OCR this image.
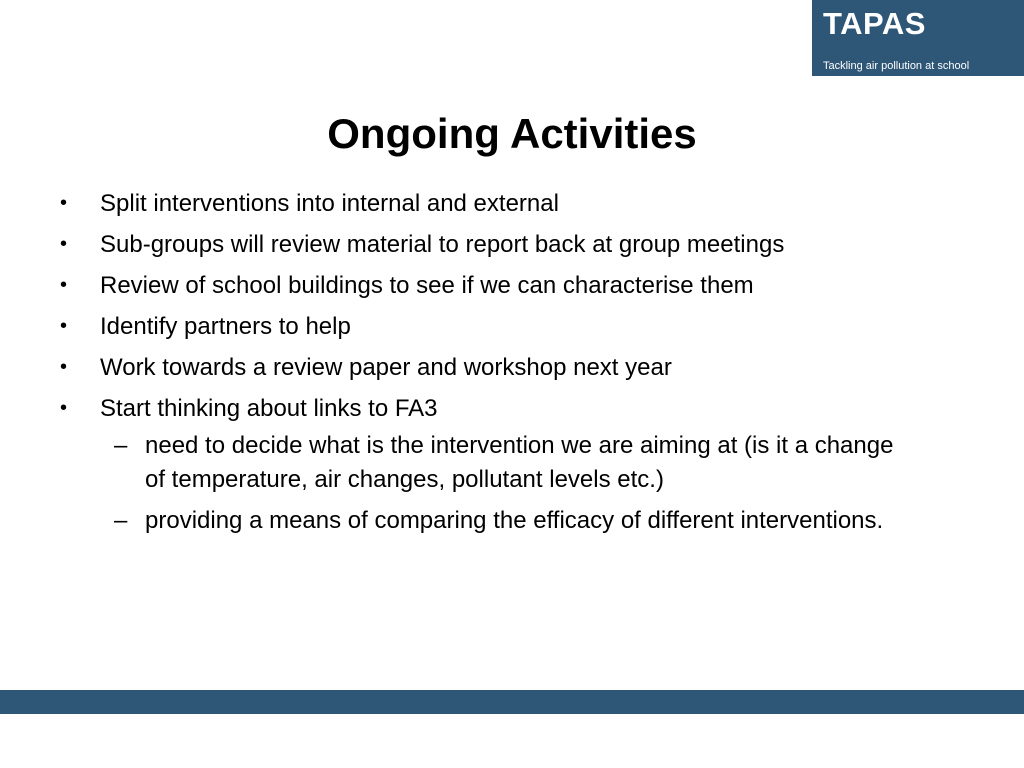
TAPAS
Tackling air pollution at school
Ongoing Activities
• Split interventions into internal and external
• Sub-groups will review material to report back at group meetings
• Review of school buildings to see if we can characterise them
• Identify partners to help
• Work towards a review paper and workshop next year
• Start thinking about links to FA3
– need to decide what is the intervention we are aiming at (is it a change of temperature, air changes, pollutant levels etc.)
– providing a means of comparing the efficacy of different interventions.
